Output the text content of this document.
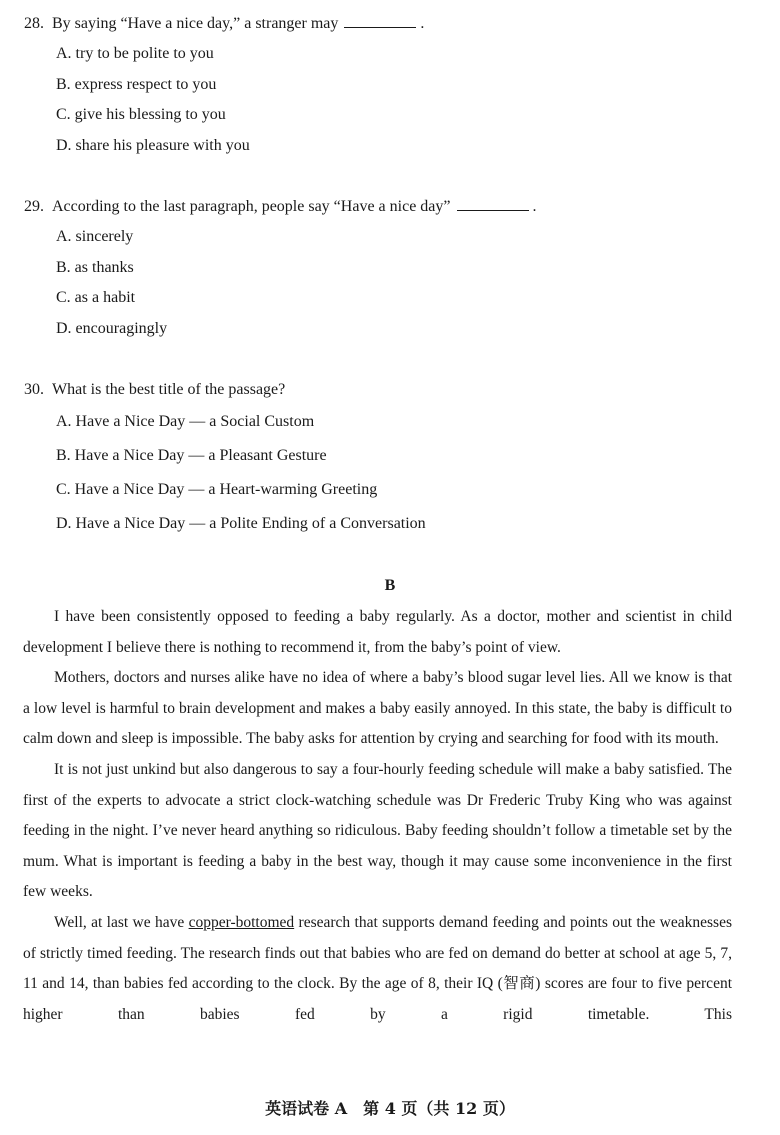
28. By saying “Have a nice day,” a stranger may	.
A. try to be polite to you
B. express respect to you
C. give his blessing to you
D. share his pleasure with you
29. According to the last paragraph, people say “Have a nice day”	.
A. sincerely
B. as thanks
C. as a habit
D. encouragingly
30. What is the best title of the passage?
A. Have a Nice Day — a Social Custom
B. Have a Nice Day — a Pleasant Gesture
C. Have a Nice Day — a Heart-warming Greeting
D. Have a Nice Day — a Polite Ending of a Conversation
B

I have been consistently opposed to feeding a baby regularly. As a doctor, mother and scientist in child development I believe there is nothing to recommend it, from the baby’s point of view.

Mothers, doctors and nurses alike have no idea of where a baby’s blood sugar level lies. All we know is that a low level is harmful to brain development and makes a baby easily annoyed. In this state, the baby is difficult to calm down and sleep is impossible. The baby asks for attention by crying and searching for food with its mouth.

It is not just unkind but also dangerous to say a four-hourly feeding schedule will make a baby satisfied. The first of the experts to advocate a strict clock-watching schedule was Dr Frederic Truby King who was against feeding in the night. I’ve never heard anything so ridiculous. Baby feeding shouldn’t follow a timetable set by the mum. What is important is feeding a baby in the best way, though it may cause some inconvenience in the first few weeks.

Well, at last we have copper-bottomed research that supports demand feeding and points out the weaknesses of strictly timed feeding. The research finds out that babies who are fed on demand do better at school at age 5, 7, 11 and 14, than babies fed according to the clock. By the age of 8, their IQ (智商) scores are four to five percent higher than babies fed by a rigid timetable. This

英语试卷 A　第 4 页（共 12 页）
